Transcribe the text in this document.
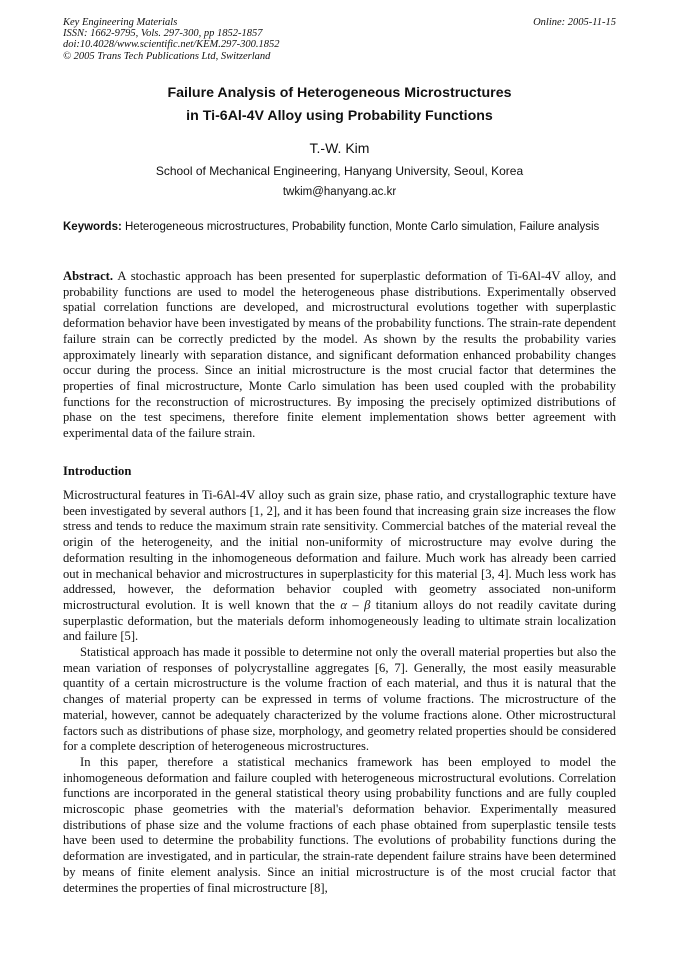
Key Engineering Materials
ISSN: 1662-9795, Vols. 297-300, pp 1852-1857
doi:10.4028/www.scientific.net/KEM.297-300.1852
© 2005 Trans Tech Publications Ltd, Switzerland
Online: 2005-11-15
Failure Analysis of Heterogeneous Microstructures
in Ti-6Al-4V Alloy using Probability Functions
T.-W. Kim
School of Mechanical Engineering, Hanyang University, Seoul, Korea
twkim@hanyang.ac.kr
Keywords: Heterogeneous microstructures, Probability function, Monte Carlo simulation, Failure analysis
Abstract. A stochastic approach has been presented for superplastic deformation of Ti-6Al-4V alloy, and probability functions are used to model the heterogeneous phase distributions. Experimentally observed spatial correlation functions are developed, and microstructural evolutions together with superplastic deformation behavior have been investigated by means of the probability functions. The strain-rate dependent failure strain can be correctly predicted by the model. As shown by the results the probability varies approximately linearly with separation distance, and significant deformation enhanced probability changes occur during the process. Since an initial microstructure is the most crucial factor that determines the properties of final microstructure, Monte Carlo simulation has been used coupled with the probability functions for the reconstruction of microstructures. By imposing the precisely optimized distributions of phase on the test specimens, therefore finite element implementation shows better agreement with experimental data of the failure strain.
Introduction

Microstructural features in Ti-6Al-4V alloy such as grain size, phase ratio, and crystallographic texture have been investigated by several authors [1, 2], and it has been found that increasing grain size increases the flow stress and tends to reduce the maximum strain rate sensitivity. Commercial batches of the material reveal the origin of the heterogeneity, and the initial non-uniformity of microstructure may evolve during the deformation resulting in the inhomogeneous deformation and failure. Much work has already been carried out in mechanical behavior and microstructures in superplasticity for this material [3, 4]. Much less work has addressed, however, the deformation behavior coupled with geometry associated non-uniform microstructural evolution. It is well known that the α – β titanium alloys do not readily cavitate during superplastic deformation, but the materials deform inhomogeneously leading to ultimate strain localization and failure [5].

Statistical approach has made it possible to determine not only the overall material properties but also the mean variation of responses of polycrystalline aggregates [6, 7]. Generally, the most easily measurable quantity of a certain microstructure is the volume fraction of each material, and thus it is natural that the changes of material property can be expressed in terms of volume fractions. The microstructure of the material, however, cannot be adequately characterized by the volume fractions alone. Other microstructural factors such as distributions of phase size, morphology, and geometry related properties should be considered for a complete description of heterogeneous microstructures.

In this paper, therefore a statistical mechanics framework has been employed to model the inhomogeneous deformation and failure coupled with heterogeneous microstructural evolutions. Correlation functions are incorporated in the general statistical theory using probability functions and are fully coupled microscopic phase geometries with the material's deformation behavior. Experimentally measured distributions of phase size and the volume fractions of each phase obtained from superplastic tensile tests have been used to determine the probability functions. The evolutions of probability functions during the deformation are investigated, and in particular, the strain-rate dependent failure strains have been determined by means of finite element analysis. Since an initial microstructure is of the most crucial factor that determines the properties of final microstructure [8],
